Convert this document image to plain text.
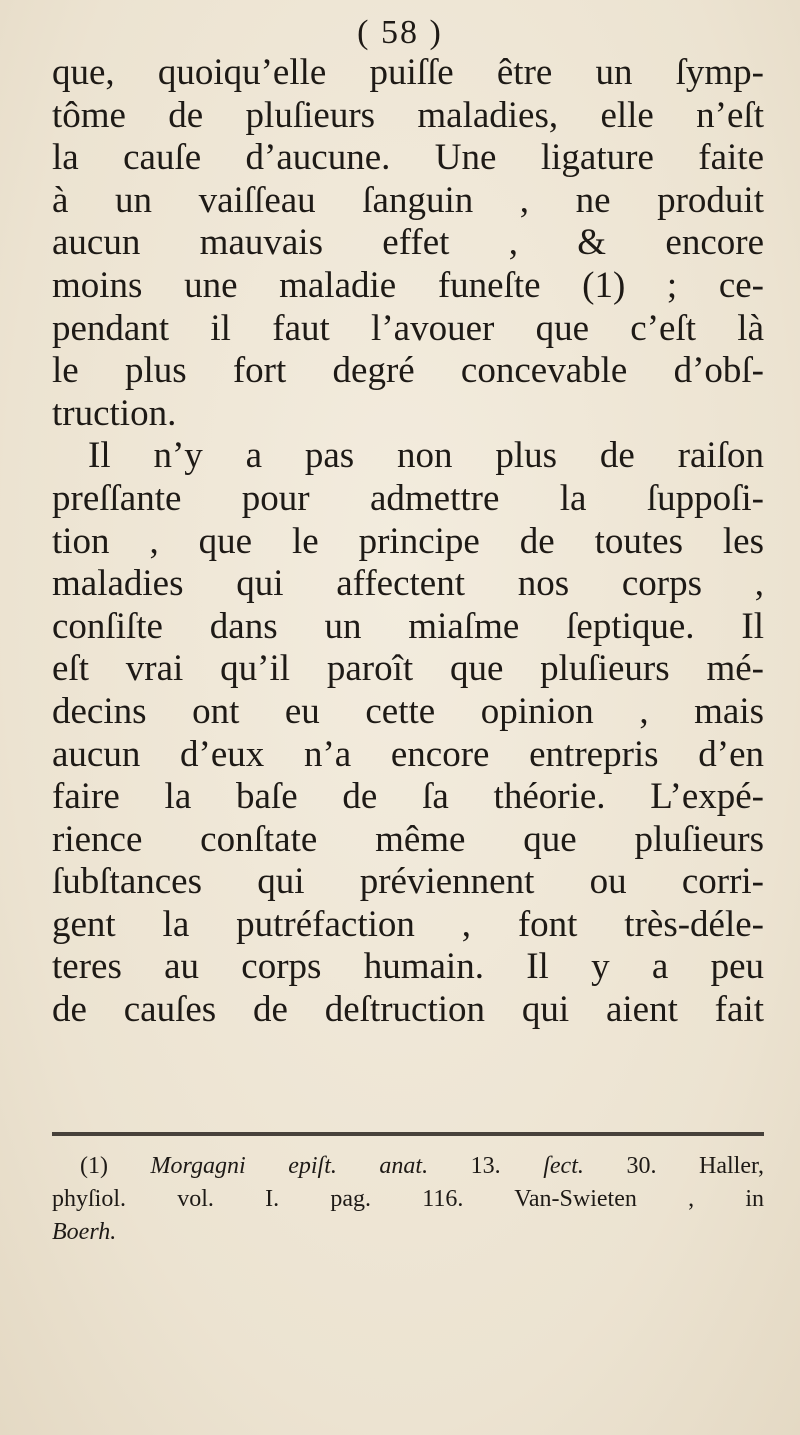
( 58 )
que, quoiqu’elle puiſſe être un ſymp-
tôme de pluſieurs maladies, elle n’eſt
la cauſe d’aucune. Une ligature faite
à un vaiſſeau ſanguin , ne produit
aucun mauvais effet , & encore
moins une maladie funeſte (1) ; ce-
pendant il faut l’avouer que c’eſt là
le plus fort degré concevable d’obſ-
truction.
Il n’y a pas non plus de raiſon
preſſante pour admettre la ſuppoſi-
tion , que le principe de toutes les
maladies qui affectent nos corps ,
conſiſte dans un miaſme ſeptique. Il
eſt vrai qu’il paroît que pluſieurs mé-
decins ont eu cette opinion , mais
aucun d’eux n’a encore entrepris d’en
faire la baſe de ſa théorie. L’expé-
rience conſtate même que pluſieurs
ſubſtances qui préviennent ou corri-
gent la putréfaction , font très-déle-
teres au corps humain. Il y a peu
de cauſes de deſtruction qui aient fait
(1) Morgagni epiſt. anat. 13. ſect. 30. Haller,
phyſiol. vol. I. pag. 116. Van-Swieten , in
Boerh.
